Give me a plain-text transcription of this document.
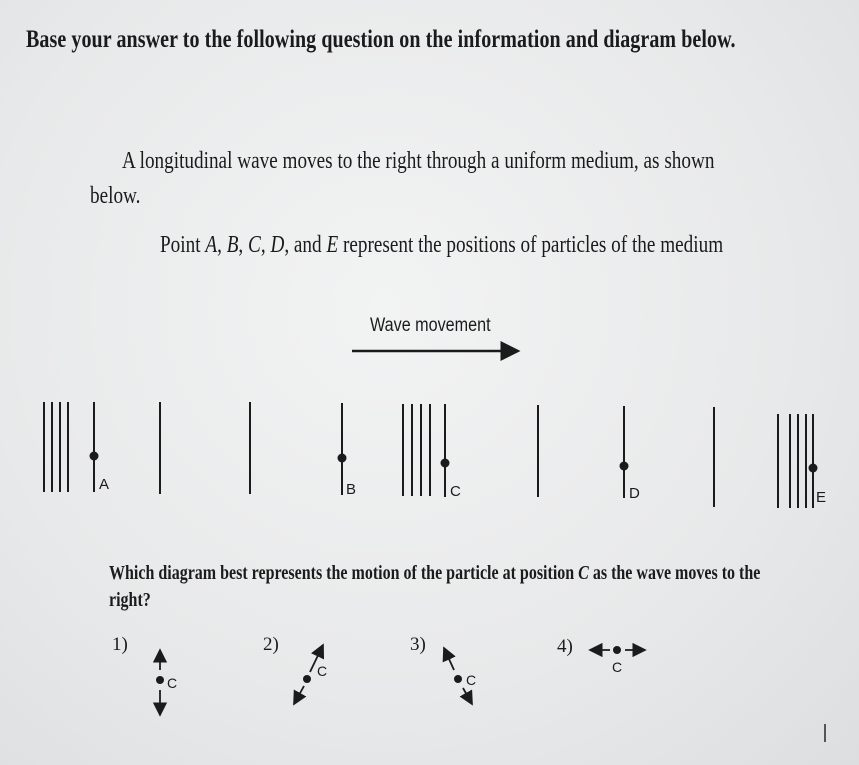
Base your answer to the following question on the information and diagram below.
A longitudinal wave moves to the right through a uniform medium, as shown
below.
Point A, B, C, D, and E represent the positions of particles of the medium
Wave movement
A	B	C	D	E
C
C
C
C
Which diagram best represents the motion of the particle at position C as the wave moves to the
right?
1)	2)	3)	4)
